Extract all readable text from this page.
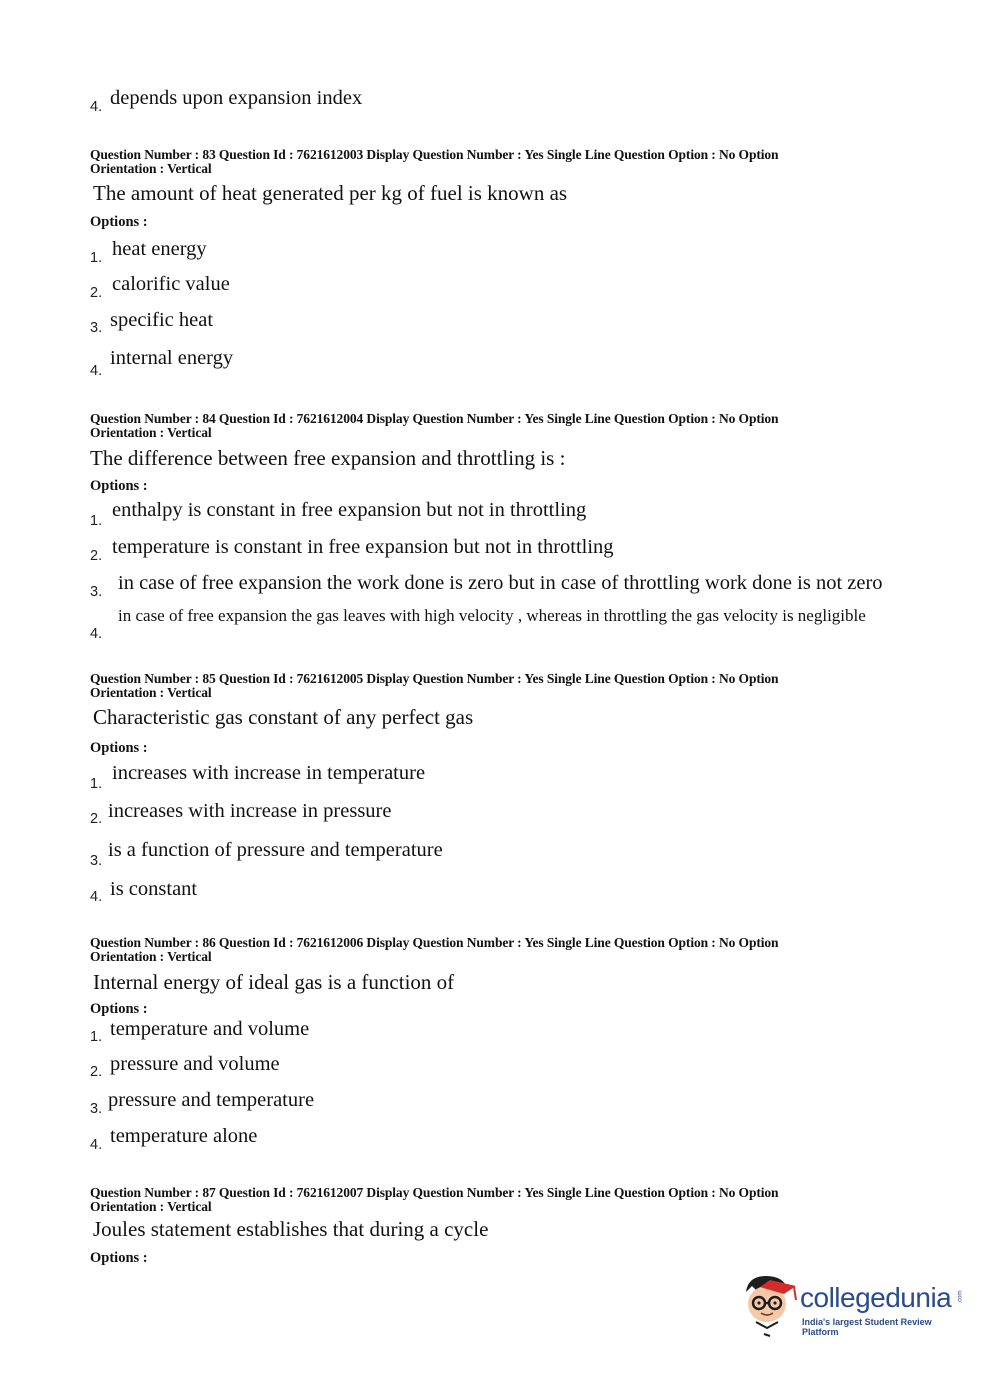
4. depends upon expansion index
Question Number : 83 Question Id : 7621612003 Display Question Number : Yes Single Line Question Option : No Option
Orientation : Vertical
The amount of heat generated per kg of fuel is known as
Options :
1. heat energy
2. calorific value
3. specific heat
4.
internal energy
Question Number : 84 Question Id : 7621612004 Display Question Number : Yes Single Line Question Option : No Option
Orientation : Vertical
The difference between free expansion and throttling is :
Options :
1. enthalpy is constant in free expansion but not in throttling
2. temperature is constant in free expansion but not in throttling
3. in case of free expansion the work done is zero but in case of throttling work done is not zero
4.
in case of free expansion the gas leaves with high velocity , whereas in throttling the gas velocity is negligible
Question Number : 85 Question Id : 7621612005 Display Question Number : Yes Single Line Question Option : No Option
Orientation : Vertical
Characteristic gas constant of any perfect gas
Options :
1. increases with increase in temperature
2. increases with increase in pressure
3. is a function of pressure and temperature
4. is constant
Question Number : 86 Question Id : 7621612006 Display Question Number : Yes Single Line Question Option : No Option
Orientation : Vertical
Internal energy of ideal gas is a function of
Options :
1. temperature and volume
2. pressure and volume
3. pressure and temperature
4. temperature alone
Question Number : 87 Question Id : 7621612007 Display Question Number : Yes Single Line Question Option : No Option
Orientation : Vertical
Joules statement establishes that during a cycle
Options :
collegedunia .com
India's largest Student Review Platform
